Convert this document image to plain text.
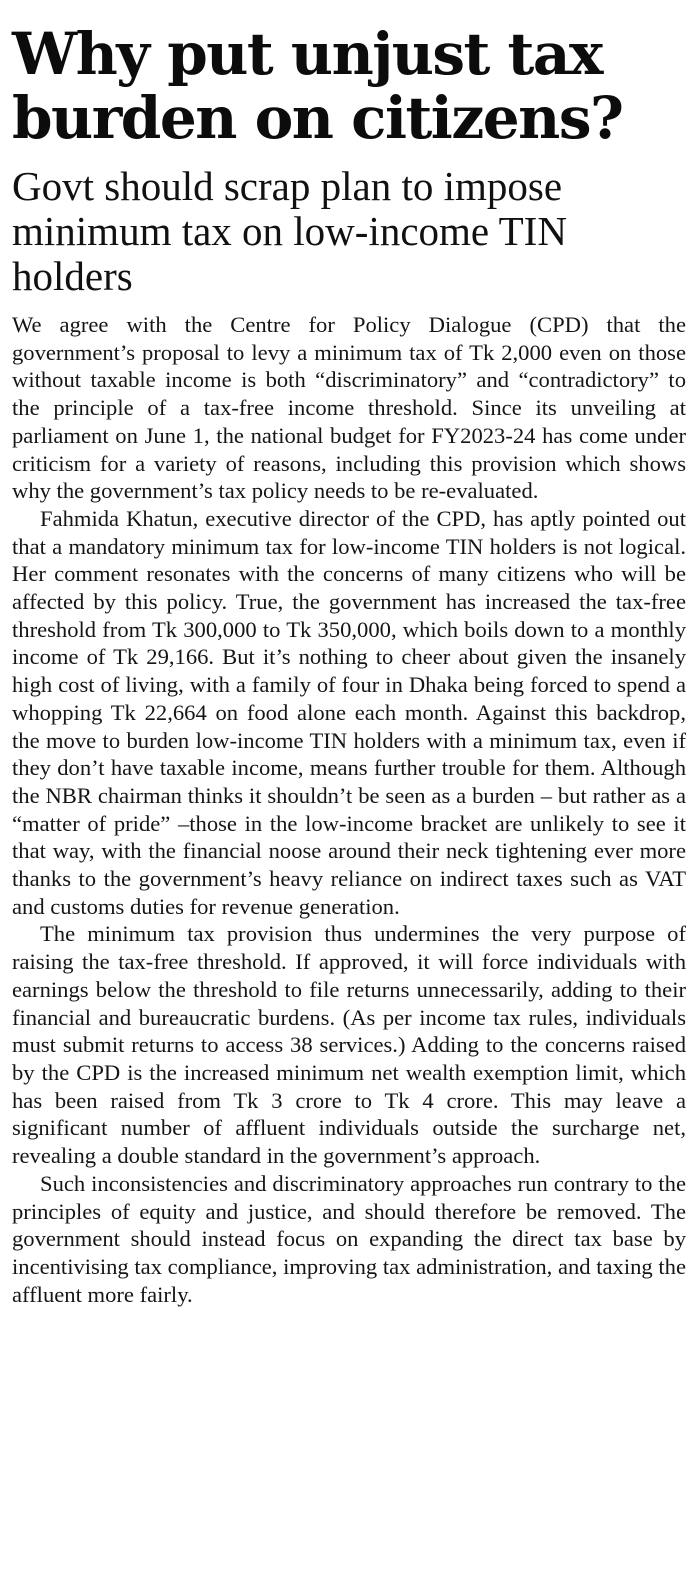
Why put unjust tax burden on citizens?
Govt should scrap plan to impose minimum tax on low-income TIN holders

We agree with the Centre for Policy Dialogue (CPD) that the government’s proposal to levy a minimum tax of Tk 2,000 even on those without taxable income is both “discriminatory” and “contradictory” to the principle of a tax-free income threshold. Since its unveiling at parliament on June 1, the national budget for FY2023-24 has come under criticism for a variety of reasons, including this provision which shows why the government’s tax policy needs to be re-evaluated.

Fahmida Khatun, executive director of the CPD, has aptly pointed out that a mandatory minimum tax for low-income TIN holders is not logical. Her comment resonates with the concerns of many citizens who will be affected by this policy. True, the government has increased the tax-free threshold from Tk 300,000 to Tk 350,000, which boils down to a monthly income of Tk 29,166. But it’s nothing to cheer about given the insanely high cost of living, with a family of four in Dhaka being forced to spend a whopping Tk 22,664 on food alone each month. Against this backdrop, the move to burden low-income TIN holders with a minimum tax, even if they don’t have taxable income, means further trouble for them. Although the NBR chairman thinks it shouldn’t be seen as a burden – but rather as a “matter of pride” –those in the low-income bracket are unlikely to see it that way, with the financial noose around their neck tightening ever more thanks to the government’s heavy reliance on indirect taxes such as VAT and customs duties for revenue generation.

The minimum tax provision thus undermines the very purpose of raising the tax-free threshold. If approved, it will force individuals with earnings below the threshold to file returns unnecessarily, adding to their financial and bureaucratic burdens. (As per income tax rules, individuals must submit returns to access 38 services.) Adding to the concerns raised by the CPD is the increased minimum net wealth exemption limit, which has been raised from Tk 3 crore to Tk 4 crore. This may leave a significant number of affluent individuals outside the surcharge net, revealing a double standard in the government’s approach.

Such inconsistencies and discriminatory approaches run contrary to the principles of equity and justice, and should therefore be removed. The government should instead focus on expanding the direct tax base by incentivising tax compliance, improving tax administration, and taxing the affluent more fairly.
